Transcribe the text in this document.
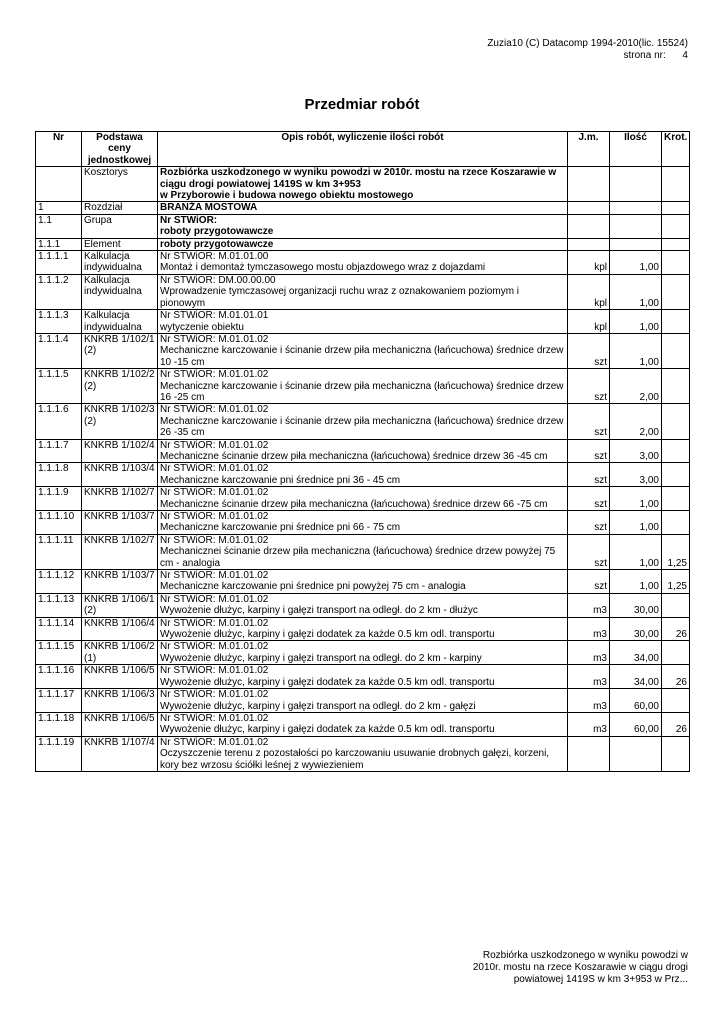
Zuzia10 (C) Datacomp 1994-2010(lic. 15524)
strona nr:      4
Przedmiar robót
Nr	Podstawa ceny jednostkowej	Opis robót, wyliczenie ilości robót	J.m.	Ilość	Krot.
	Kosztorys	Rozbiórka uszkodzonego w wyniku powodzi w 2010r. mostu na rzece Koszarawie w ciągu drogi powiatowej 1419S w km 3+953
w Przyborowie i budowa nowego obiektu mostowego			

1	Rozdział	BRANŻA MOSTOWA			

1.1	Grupa	Nr STWiOR:
roboty przygotowawcze			

1.1.1	Element	roboty przygotowawcze			

1.1.1.1	Kalkulacja indywidualna	Nr STWiOR: M.01.01.00
Montaż i demontaż tymczasowego mostu objazdowego wraz z dojazdami	kpl	1,00	
1.1.1.2	Kalkulacja indywidualna	Nr STWiOR: DM.00.00.00
Wprowadzenie tymczasowej organizacji ruchu wraz z oznakowaniem poziomym i pionowym	kpl	1,00	
1.1.1.3	Kalkulacja indywidualna	Nr STWiOR: M.01.01.01
wytyczenie obiektu	kpl	1,00	
1.1.1.4	KNKRB 1/102/1 (2)	Nr STWiOR: M.01.01.02
Mechaniczne karczowanie i ścinanie drzew piła mechaniczna (łańcuchowa) średnice drzew 10 -15 cm	szt	1,00	
1.1.1.5	KNKRB 1/102/2 (2)	Nr STWiOR: M.01.01.02
Mechaniczne karczowanie i ścinanie drzew piła mechaniczna (łańcuchowa) średnice drzew 16 -25 cm	szt	2,00	
1.1.1.6	KNKRB 1/102/3 (2)	Nr STWiOR: M.01.01.02
Mechaniczne karczowanie i ścinanie drzew piła mechaniczna (łańcuchowa) średnice drzew 26 -35 cm	szt	2,00	
1.1.1.7	KNKRB 1/102/4	Nr STWiOR: M.01.01.02
Mechaniczne ścinanie drzew piła mechaniczna (łańcuchowa) średnice drzew 36 -45 cm	szt	3,00	
1.1.1.8	KNKRB 1/103/4	Nr STWiOR: M.01.01.02
Mechaniczne karczowanie pni średnice pni 36 - 45 cm	szt	3,00	
1.1.1.9	KNKRB 1/102/7	Nr STWiOR: M.01.01.02
Mechaniczne ścinanie drzew piła mechaniczna (łańcuchowa) średnice drzew 66 -75 cm	szt	1,00	
1.1.1.10	KNKRB 1/103/7	Nr STWiOR: M.01.01.02
Mechaniczne karczowanie pni średnice pni 66 - 75 cm	szt	1,00	
1.1.1.11	KNKRB 1/102/7	Nr STWiOR: M.01.01.02
Mechanicznei ścinanie drzew piła mechaniczna (łańcuchowa) średnice drzew powyżej 75 cm - analogia	szt	1,00	1,25
1.1.1.12	KNKRB 1/103/7	Nr STWiOR: M.01.01.02
Mechaniczne karczowanie pni średnice pni powyżej 75 cm - analogia	szt	1,00	1,25
1.1.1.13	KNKRB 1/106/1 (2)	Nr STWiOR: M.01.01.02
Wywożenie dłużyc, karpiny i gałęzi transport na odległ. do 2 km - dłużyc	m3	30,00	
1.1.1.14	KNKRB 1/106/4	Nr STWiOR: M.01.01.02
Wywożenie dłużyc, karpiny i gałęzi dodatek za każde 0.5 km odl. transportu	m3	30,00	26
1.1.1.15	KNKRB 1/106/2 (1)	Nr STWiOR: M.01.01.02
Wywożenie dłużyc, karpiny i gałęzi transport na odległ. do 2 km - karpiny	m3	34,00	
1.1.1.16	KNKRB 1/106/5	Nr STWiOR: M.01.01.02
Wywożenie dłużyc, karpiny i gałęzi dodatek za każde 0.5 km odl. transportu	m3	34,00	26
1.1.1.17	KNKRB 1/106/3	Nr STWiOR: M.01.01.02
Wywożenie dłużyc, karpiny i gałęzi transport na odległ. do 2 km - gałęzi	m3	60,00	
1.1.1.18	KNKRB 1/106/5	Nr STWiOR: M.01.01.02
Wywożenie dłużyc, karpiny i gałęzi dodatek za każde 0.5 km odl. transportu	m3	60,00	26
1.1.1.19	KNKRB 1/107/4	Nr STWiOR: M.01.01.02
Oczyszczenie terenu z pozostałości po karczowaniu usuwanie drobnych gałęzi, korzeni, kory bez wrzosu ściółki leśnej z wywiezieniem			

Rozbiórka uszkodzonego w wyniku powodzi w 2010r. mostu na rzece Koszarawie w ciągu drogi powiatowej 1419S w km 3+953 w Prz...
